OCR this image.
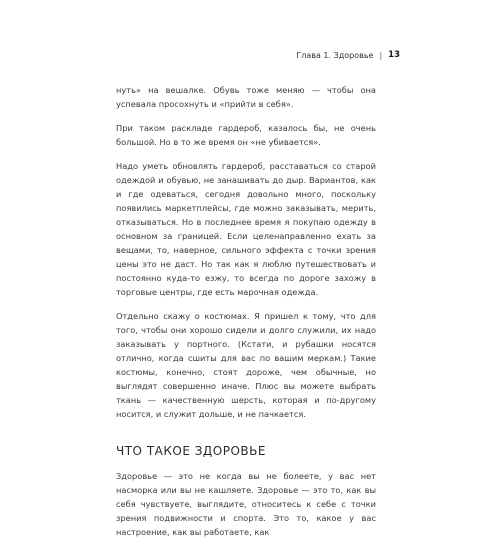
Глава 1. Здоровье | 13

нуть» на вешалке. Обувь тоже меняю — чтобы она успевала просохнуть и «прийти в себя».

При таком раскладе гардероб, казалось бы, не очень большой. Но в то же время он «не убивается».

Надо уметь обновлять гардероб, расставаться со старой одеждой и обувью, не занашивать до дыр. Вариантов, как и где одеваться, сегодня довольно много, поскольку появились маркетплейсы, где можно заказывать, мерить, отказываться. Но в последнее время я покупаю одежду в основном за границей. Если целенаправленно ехать за вещами, то, наверное, сильного эффекта с точки зрения цены это не даст. Но так как я люблю путешествовать и постоянно куда-то езжу, то всегда по дороге захожу в торговые центры, где есть марочная одежда.

Отдельно скажу о костюмах. Я пришел к тому, что для того, чтобы они хорошо сидели и долго служили, их надо заказывать у портного. (Кстати, и рубашки носятся отлично, когда сшиты для вас по вашим меркам.) Такие костюмы, конечно, стоят дороже, чем обычные, но выглядят совершенно иначе. Плюс вы можете выбрать ткань — качественную шерсть, которая и по-другому носится, и служит дольше, и не пачкается.

ЧТО ТАКОЕ ЗДОРОВЬЕ

Здоровье — это не когда вы не болеете, у вас нет насморка или вы не кашляете. Здоровье — это то, как вы себя чувствуете, выглядите, относитесь к себе с точки зрения подвижности и спорта. Это то, какое у вас настроение, как вы работаете, как
